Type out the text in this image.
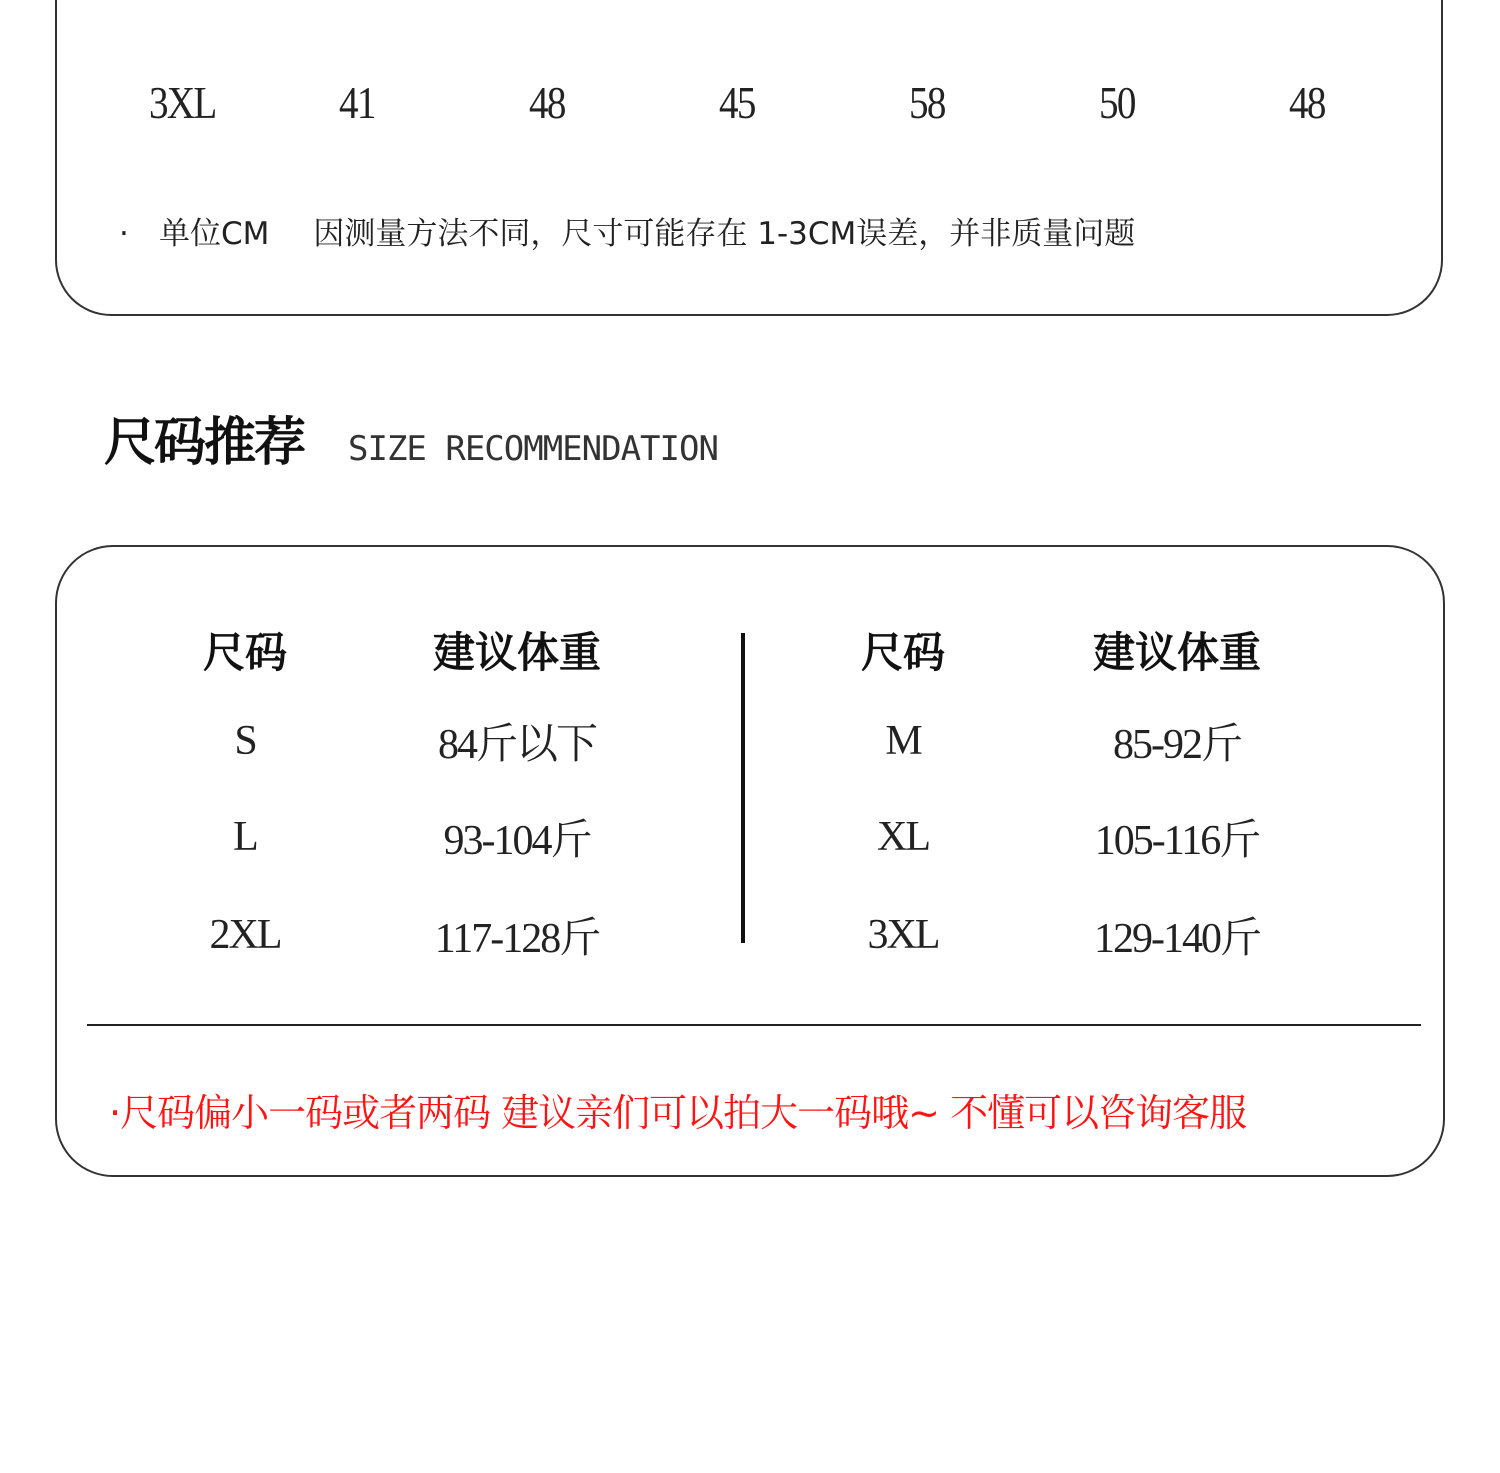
3XL	41	48	45	58	50	48
· 单位CM 因测量方法不同，尺寸可能存在 1-3CM误差，并非质量问题
尺码推荐 SIZE RECOMMENDATION
尺码	建议体重
S	84斤以下
L	93-104斤
2XL	117-128斤
尺码	建议体重
M	85-92斤
XL	105-116斤
3XL	129-140斤
·尺码偏小一码或者两码 建议亲们可以拍大一码哦~ 不懂可以咨询客服
